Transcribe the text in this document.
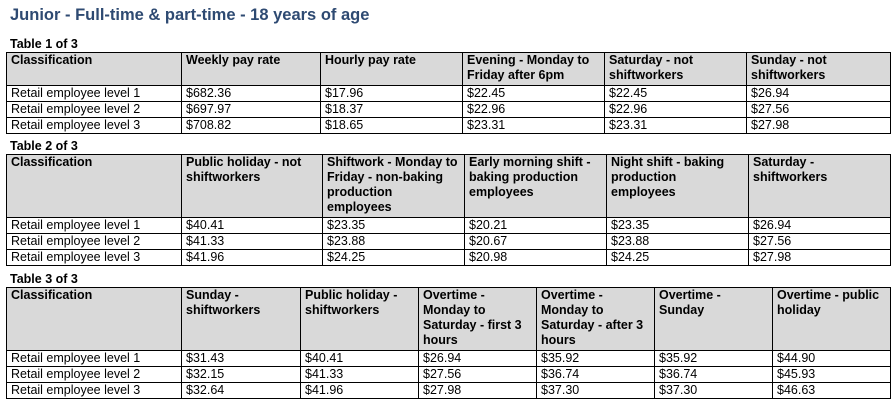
Junior - Full-time & part-time - 18 years of age
Table 1 of 3
Classification	Weekly pay rate	Hourly pay rate	Evening - Monday to Friday after 6pm	Saturday - not shiftworkers	Sunday - not shiftworkers
Retail employee level 1	$682.36	$17.96	$22.45	$22.45	$26.94
Retail employee level 2	$697.97	$18.37	$22.96	$22.96	$27.56
Retail employee level 3	$708.82	$18.65	$23.31	$23.31	$27.98
Table 2 of 3
Classification	Public holiday - not shiftworkers	Shiftwork - Monday to Friday - non-baking production employees	Early morning shift - baking production employees	Night shift - baking production employees	Saturday - shiftworkers
Retail employee level 1	$40.41	$23.35	$20.21	$23.35	$26.94
Retail employee level 2	$41.33	$23.88	$20.67	$23.88	$27.56
Retail employee level 3	$41.96	$24.25	$20.98	$24.25	$27.98
Table 3 of 3
Classification	Sunday - shiftworkers	Public holiday - shiftworkers	Overtime - Monday to Saturday - first 3 hours	Overtime - Monday to Saturday - after 3 hours	Overtime - Sunday	Overtime - public holiday
Retail employee level 1	$31.43	$40.41	$26.94	$35.92	$35.92	$44.90
Retail employee level 2	$32.15	$41.33	$27.56	$36.74	$36.74	$45.93
Retail employee level 3	$32.64	$41.96	$27.98	$37.30	$37.30	$46.63
